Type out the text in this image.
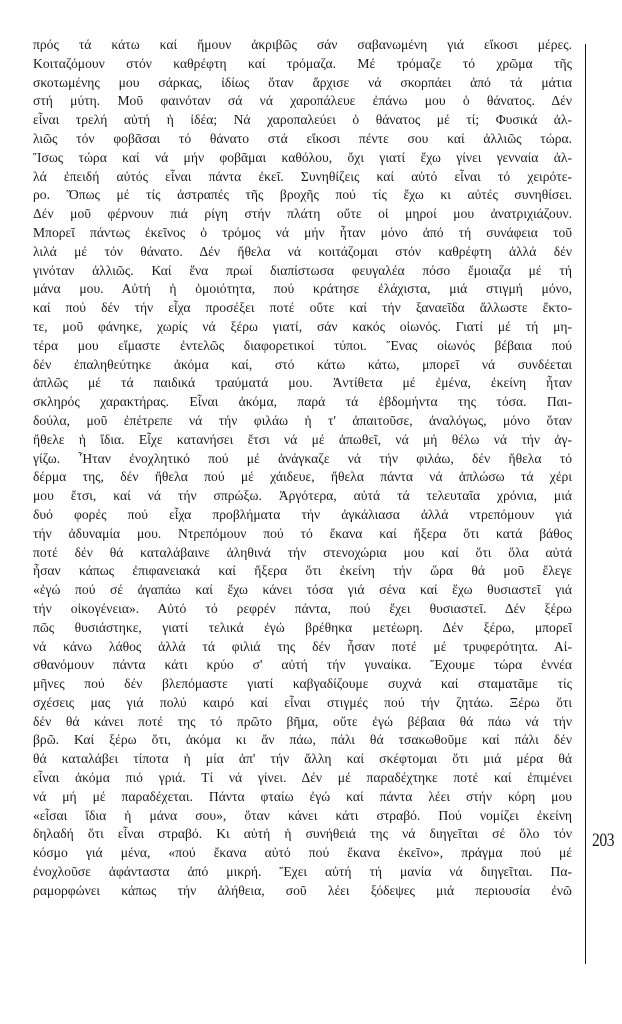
πρός τά κάτω καί ἤμουν ἀκριβῶς σάν σαβανωμένη γιά εἴκοσι μέρες.
Κοιταζόμουν στόν καθρέφτη καί τρόμαζα. Μέ τρόμαζε τό χρῶμα τῆς
σκοτωμένης μου σάρκας, ἰδίως ὅταν ἄρχισε νά σκορπάει ἀπό τά μάτια
στή μύτη. Μοῦ φαινόταν σά νά χαροπάλευε ἐπάνω μου ὁ θάνατος. Δέν
εἶναι τρελή αὐτή ἡ ἰδέα; Νά χαροπαλεύει ὁ θάνατος μέ τί; Φυσικά ἀλ-
λιῶς τόν φοβᾶσαι τό θάνατο στά εἴκοσι πέντε σου καί ἀλλιῶς τώρα.
Ἴσως τώρα καί νά μήν φοβᾶμαι καθόλου, ὄχι γιατί ἔχω γίνει γενναία ἀλ-
λά ἐπειδή αὐτός εἶναι πάντα ἐκεῖ. Συνηθίζεις καί αὐτό εἶναι τό χειρότε-
ρο. Ὅπως μέ τίς ἀστραπές τῆς βροχῆς πού τίς ἔχω κι αὐτές συνηθίσει.
Δέν μοῦ φέρνουν πιά ρίγη στήν πλάτη οὔτε οἱ μηροί μου ἀνατριχιάζουν.
Μπορεῖ πάντως ἐκεῖνος ὁ τρόμος νά μήν ἦταν μόνο ἀπό τή συνάφεια τοῦ
λιλά μέ τόν θάνατο. Δέν ἤθελα νά κοιτάζομαι στόν καθρέφτη ἀλλά δέν
γινόταν ἀλλιῶς. Καί ἕνα πρωί διαπίστωσα φευγαλέα πόσο ἔμοιαζα μέ τή
μάνα μου. Αὐτή ἡ ὁμοιότητα, πού κράτησε ἐλάχιστα, μιά στιγμή μόνο,
καί πού δέν τήν εἶχα προσέξει ποτέ οὔτε καί τήν ξαναεῖδα ἄλλωστε ἔκτο-
τε, μοῦ φάνηκε, χωρίς νά ξέρω γιατί, σάν κακός οἰωνός. Γιατί μέ τή μη-
τέρα μου εἴμαστε ἐντελῶς διαφορετικοί τύποι. Ἕνας οἰωνός βέβαια πού
δέν ἐπαληθεύτηκε ἀκόμα καί, στό κάτω κάτω, μπορεῖ νά συνδέεται
ἁπλῶς μέ τά παιδικά τραύματά μου. Ἀντίθετα μέ ἐμένα, ἐκείνη ἦταν
σκληρός χαρακτήρας. Εἶναι ἀκόμα, παρά τά ἑβδομήντα της τόσα. Παι-
δούλα, μοῦ ἐπέτρεπε νά τήν φιλάω ἡ τ' ἀπαιτοῦσε, ἀναλόγως, μόνο ὅταν
ἤθελε ἡ ἴδια. Εἶχε κατανήσει ἔτσι νά μέ ἀπωθεῖ, νά μή θέλω νά τήν ἀγ-
γίζω. Ἦταν ἐνοχλητικό πού μέ ἀνάγκαζε νά τήν φιλάω, δέν ἤθελα τό
δέρμα της, δέν ἤθελα πού μέ χάιδευε, ἤθελα πάντα νά ἁπλώσω τά χέρι
μου ἔτσι, καί νά τήν σπρώξω. Ἀργότερα, αὐτά τά τελευταῖα χρόνια, μιά
δυό φορές πού εἶχα προβλήματα τήν ἀγκάλιασα ἀλλά ντρεπόμουν γιά
τήν ἀδυναμία μου. Ντρεπόμουν πού τό ἔκανα καί ἤξερα ὅτι κατά βάθος
ποτέ δέν θά καταλάβαινε ἀληθινά τήν στενοχώρια μου καί ὅτι ὅλα αὐτά
ἦσαν κάπως ἐπιφανειακά καί ἤξερα ὅτι ἐκείνη τήν ὥρα θά μοῦ ἔλεγε
«ἐγώ πού σέ ἀγαπάω καί ἔχω κάνει τόσα γιά σένα καί ἔχω θυσιαστεῖ γιά
τήν οἰκογένεια». Αὐτό τό ρεφρέν πάντα, πού ἔχει θυσιαστεῖ. Δέν ξέρω
πῶς θυσιάστηκε, γιατί τελικά ἐγώ βρέθηκα μετέωρη. Δέν ξέρω, μπορεῖ
νά κάνω λάθος ἀλλά τά φιλιά της δέν ἦσαν ποτέ μέ τρυφερότητα. Αἰ-
σθανόμουν πάντα κάτι κρύο σ' αὐτή τήν γυναίκα. Ἔχουμε τώρα ἐννέα
μῆνες πού δέν βλεπόμαστε γιατί καβγαδίζουμε συχνά καί σταματᾶμε τίς
σχέσεις μας γιά πολύ καιρό καί εἶναι στιγμές πού τήν ζητάω. Ξέρω ὅτι
δέν θά κάνει ποτέ της τό πρῶτο βῆμα, οὔτε ἐγώ βέβαια θά πάω νά τήν
βρῶ. Καί ξέρω ὅτι, ἀκόμα κι ἄν πάω, πάλι θά τσακωθοῦμε καί πάλι δέν
θά καταλάβει τίποτα ἡ μία ἀπ' τήν ἄλλη καί σκέφτομαι ὅτι μιά μέρα θά
εἶναι ἀκόμα πιό γριά. Τί νά γίνει. Δέν μέ παραδέχτηκε ποτέ καί ἐπιμένει
νά μή μέ παραδέχεται. Πάντα φταίω ἐγώ καί πάντα λέει στήν κόρη μου
«εἶσαι ἴδια ἡ μάνα σου», ὅταν κάνει κάτι στραβό. Πού νομίζει ἐκείνη
δηλαδή ὅτι εἶναι στραβό. Κι αὐτή ἡ συνήθειά της νά διηγεῖται σέ ὅλο τόν
κόσμο γιά μένα, «πού ἔκανα αὐτό πού ἔκανα ἐκεῖνο», πράγμα πού μέ
ἐνοχλοῦσε ἀφάνταστα ἀπό μικρή. Ἔχει αὐτή τή μανία νά διηγεῖται. Πα-
ραμορφώνει κάπως τήν ἀλήθεια, σοῦ λέει ξόδεψες μιά περιουσία ἐνῶ
203
